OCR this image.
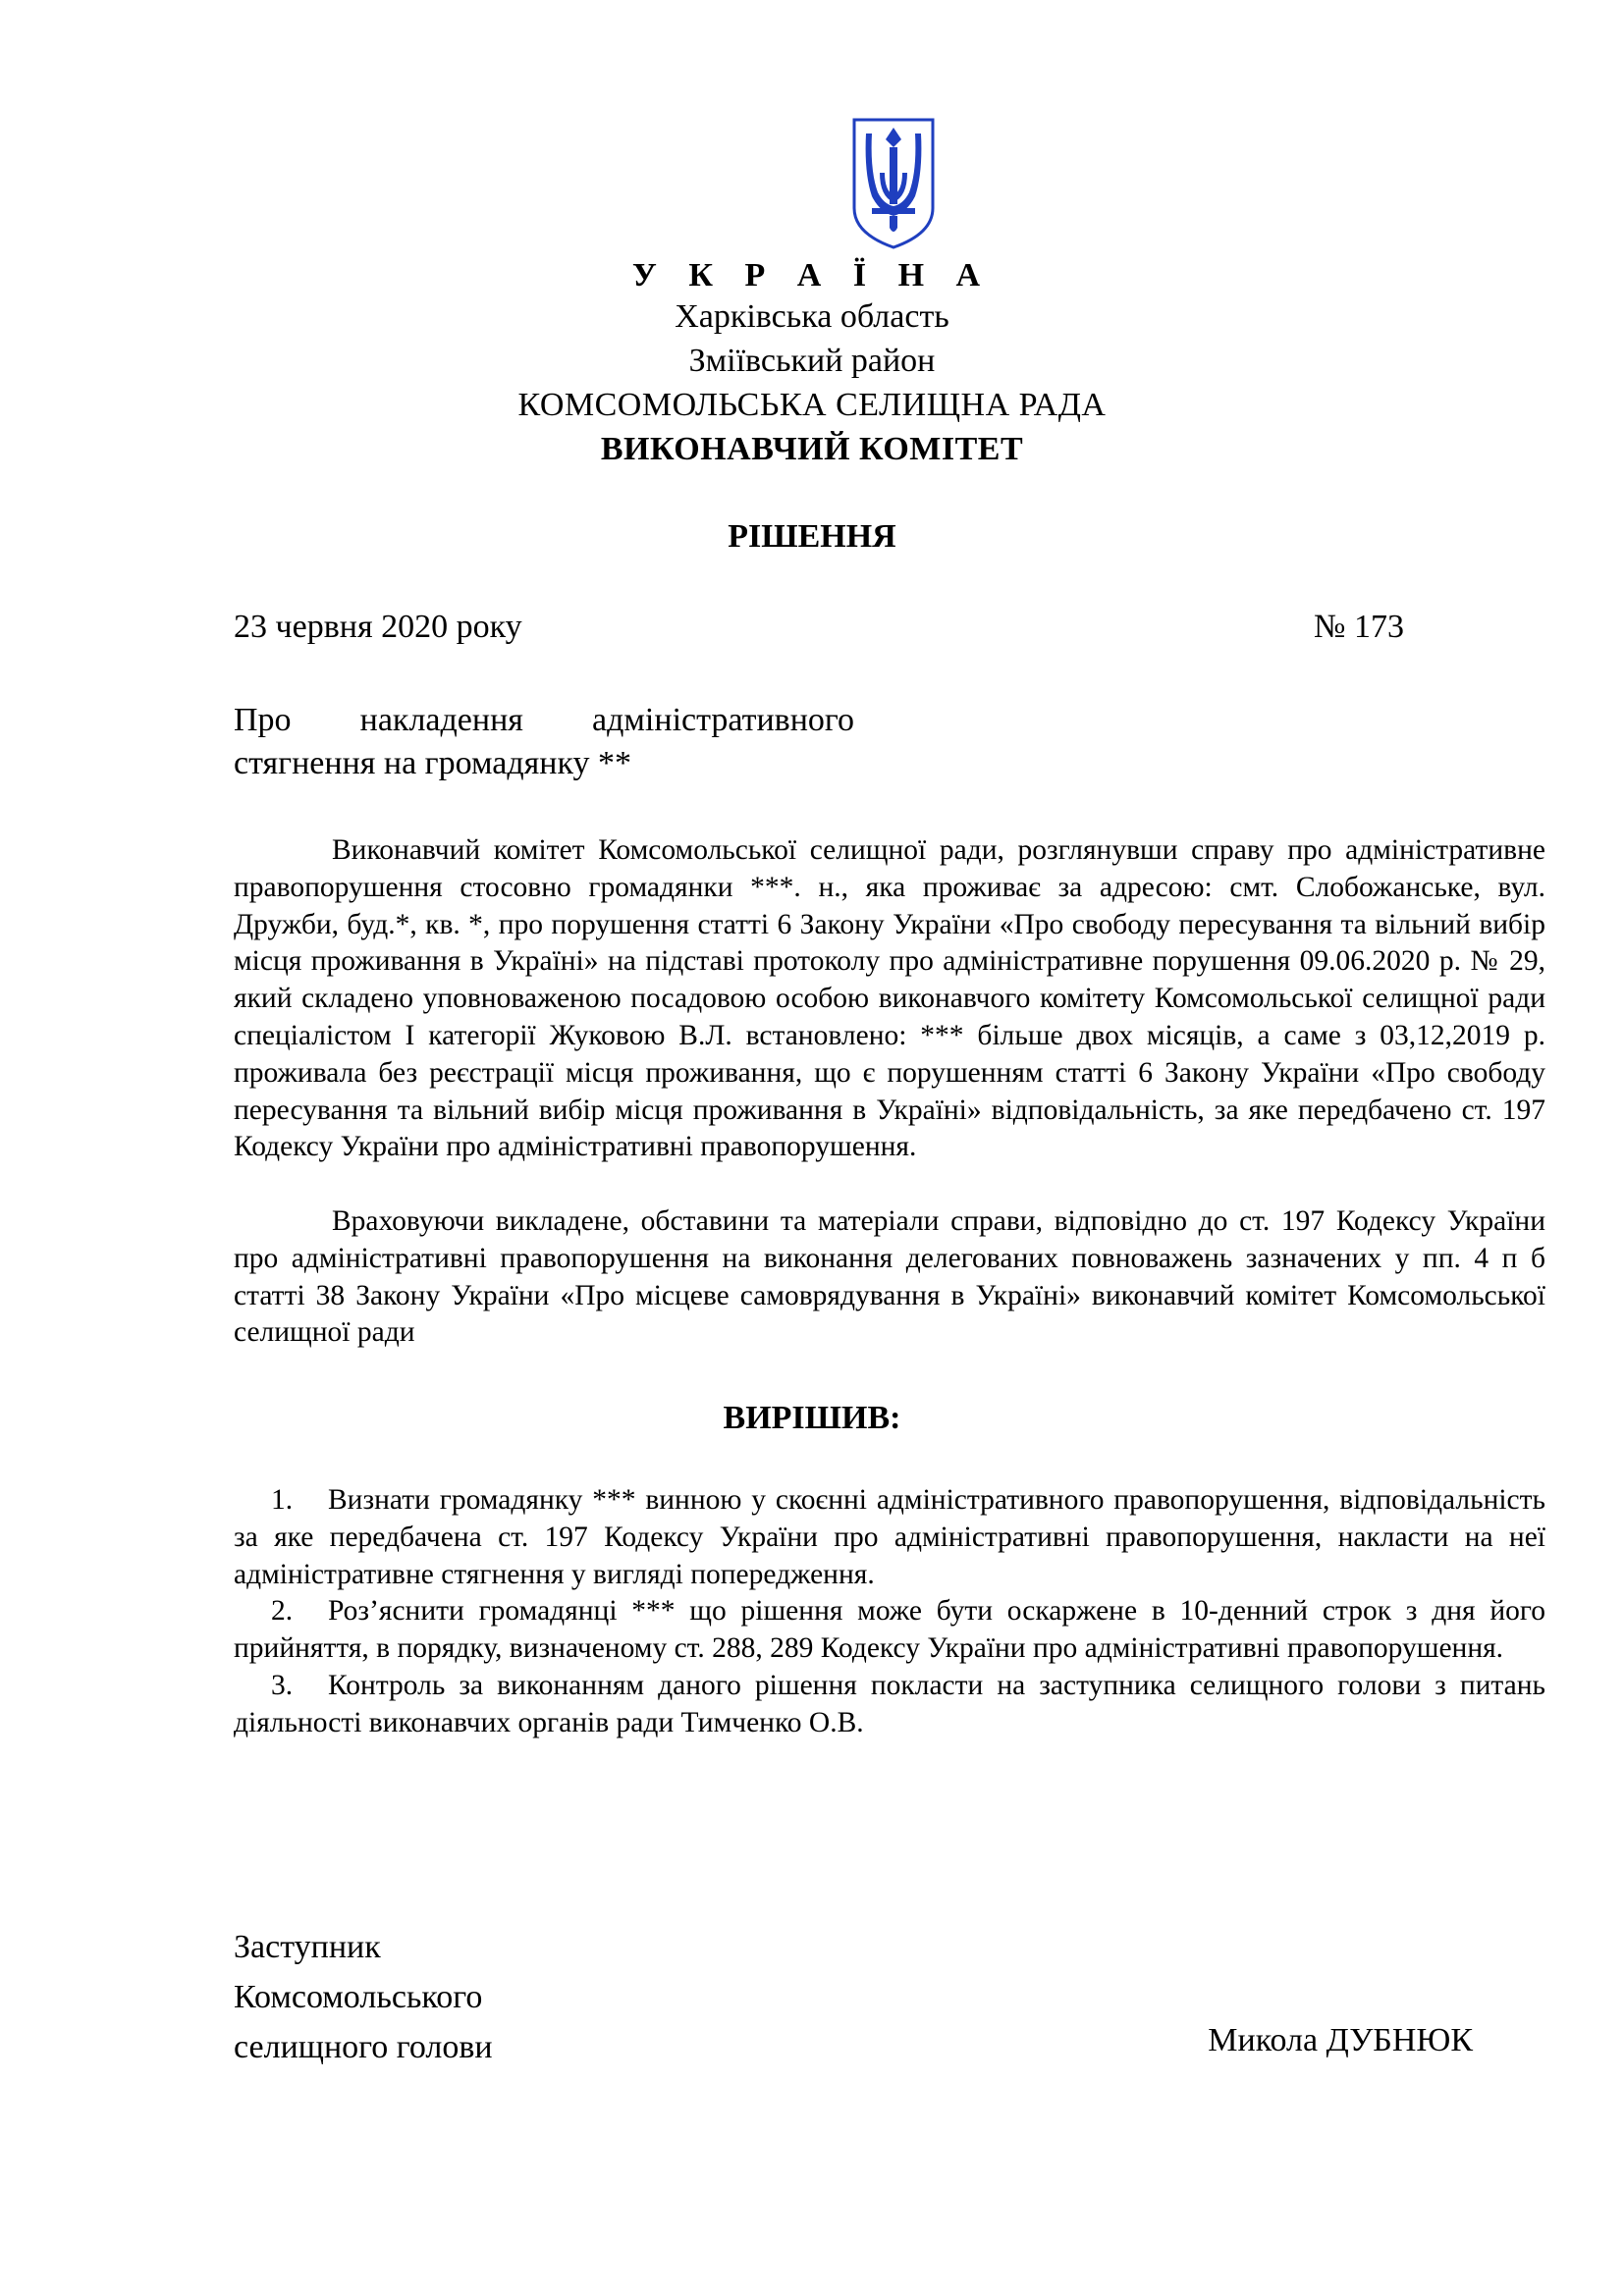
У К Р А Ї Н А
Харківська область
Зміївський район
КОМСОМОЛЬСЬКА СЕЛИЩНА РАДА
ВИКОНАВЧИЙ КОМІТЕТ
РІШЕННЯ
23 червня 2020 року	№ 173

Про накладення адміністративного

стягнення на громадянку **

Виконавчий комітет Комсомольської селищної ради, розглянувши справу про адміністративне правопорушення стосовно громадянки ***. н., яка проживає за адресою: смт. Слобожанське, вул. Дружби, буд.*, кв. *, про порушення статті 6 Закону України «Про свободу пересування та вільний вибір місця проживання в Україні» на підставі протоколу про адміністративне порушення 09.06.2020 р. № 29, який складено уповноваженою посадовою особою виконавчого комітету Комсомольської селищної ради спеціалістом І категорії Жуковою В.Л. встановлено: *** більше двох місяців, а саме з 03,12,2019 р. проживала без реєстрації місця проживання, що є порушенням статті 6 Закону України «Про свободу пересування та вільний вибір місця проживання в Україні» відповідальність, за яке передбачено ст. 197 Кодексу України про адміністративні правопорушення.

Враховуючи викладене, обставини та матеріали справи, відповідно до ст. 197 Кодексу України про адміністративні правопорушення на виконання делегованих повноважень зазначених у пп. 4 п б статті 38 Закону України «Про місцеве самоврядування в Україні» виконавчий комітет Комсомольської селищної ради

ВИРІШИВ:

1. Визнати громадянку *** винною у скоєнні адміністративного правопорушення, відповідальність за яке передбачена ст. 197 Кодексу України про адміністративні правопорушення, накласти на неї адміністративне стягнення у вигляді попередження.

2. Роз’яснити громадянці *** що рішення може бути оскаржене в 10-денний строк з дня його прийняття, в порядку, визначеному ст. 288, 289 Кодексу України про адміністративні правопорушення.

3. Контроль за виконанням даного рішення покласти на заступника селищного голови з питань діяльності виконавчих органів ради Тимченко О.В.

Заступник

Комсомольського

селищного голови	Микола ДУБНЮК
